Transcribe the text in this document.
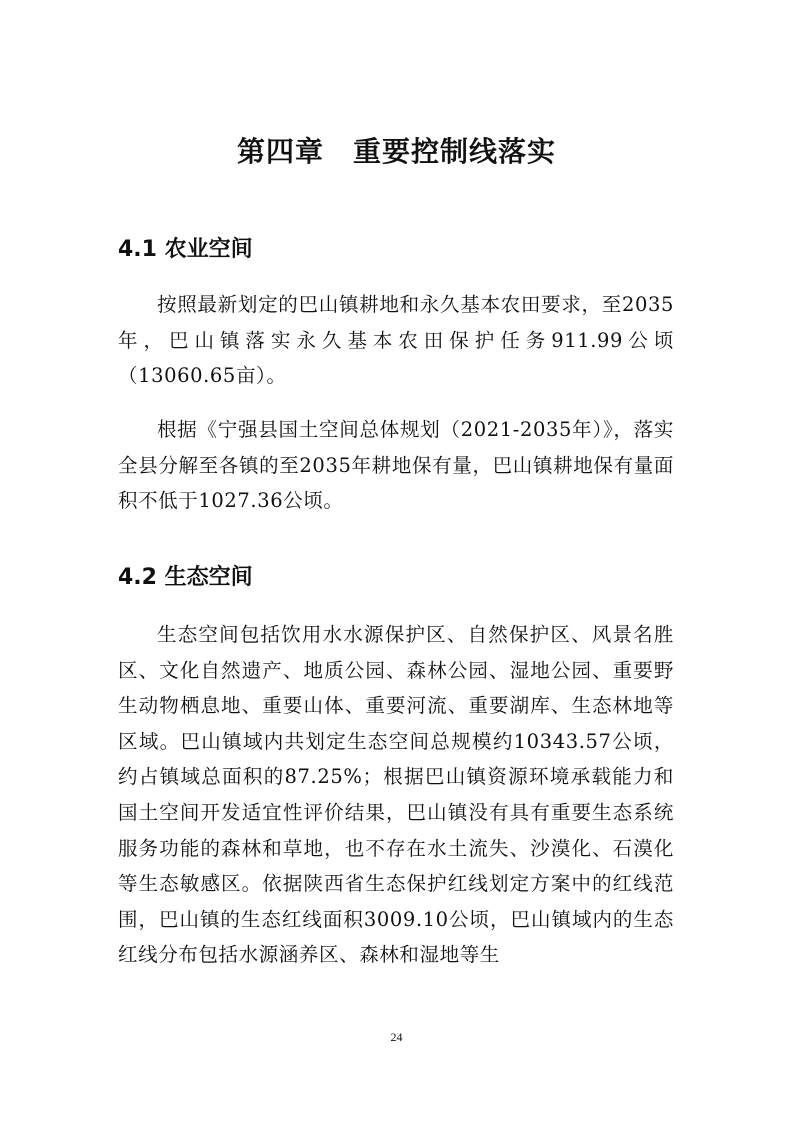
第四章　重要控制线落实
4.1 农业空间

按照最新划定的巴山镇耕地和永久基本农田要求，至2035年，巴山镇落实永久基本农田保护任务911.99公顷（13060.65亩）。

根据《宁强县国土空间总体规划（2021-2035年）》，落实全县分解至各镇的至2035年耕地保有量，巴山镇耕地保有量面积不低于1027.36公顷。

4.2 生态空间

生态空间包括饮用水水源保护区、自然保护区、风景名胜区、文化自然遗产、地质公园、森林公园、湿地公园、重要野生动物栖息地、重要山体、重要河流、重要湖库、生态林地等区域。巴山镇域内共划定生态空间总规模约10343.57公顷，约占镇域总面积的87.25%；根据巴山镇资源环境承载能力和国土空间开发适宜性评价结果，巴山镇没有具有重要生态系统服务功能的森林和草地，也不存在水土流失、沙漠化、石漠化等生态敏感区。依据陕西省生态保护红线划定方案中的红线范围，巴山镇的生态红线面积3009.10公顷，巴山镇域内的生态红线分布包括水源涵养区、森林和湿地等生

24
